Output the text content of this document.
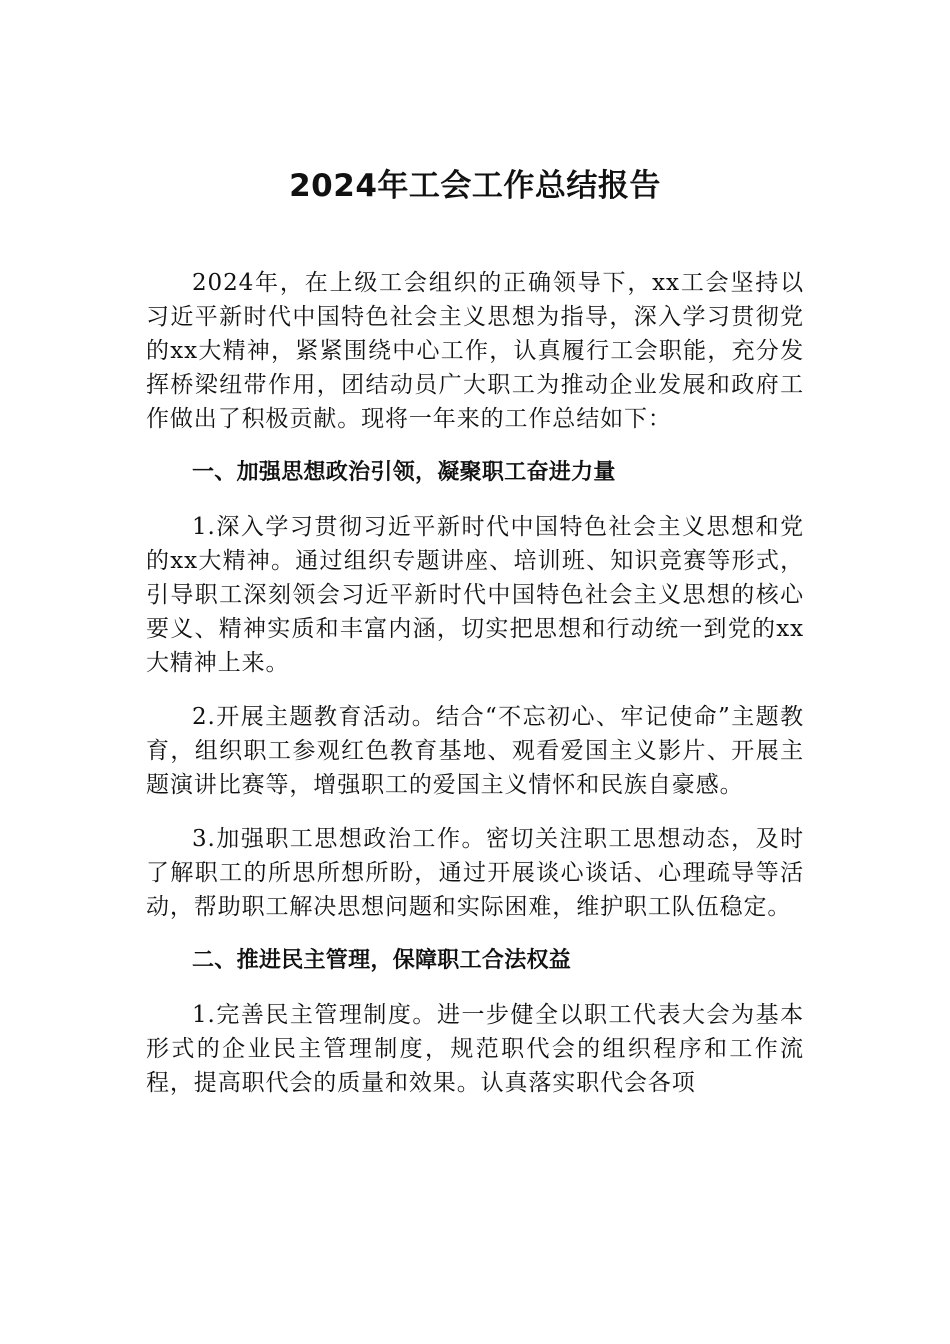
2024年工会工作总结报告

2024年，在上级工会组织的正确领导下，xx工会坚持以习近平新时代中国特色社会主义思想为指导，深入学习贯彻党的xx大精神，紧紧围绕中心工作，认真履行工会职能，充分发挥桥梁纽带作用，团结动员广大职工为推动企业发展和政府工作做出了积极贡献。现将一年来的工作总结如下：

一、加强思想政治引领，凝聚职工奋进力量

1.深入学习贯彻习近平新时代中国特色社会主义思想和党的xx大精神。通过组织专题讲座、培训班、知识竞赛等形式，引导职工深刻领会习近平新时代中国特色社会主义思想的核心要义、精神实质和丰富内涵，切实把思想和行动统一到党的xx大精神上来。

2.开展主题教育活动。结合“不忘初心、牢记使命”主题教育，组织职工参观红色教育基地、观看爱国主义影片、开展主题演讲比赛等，增强职工的爱国主义情怀和民族自豪感。

3.加强职工思想政治工作。密切关注职工思想动态，及时了解职工的所思所想所盼，通过开展谈心谈话、心理疏导等活动，帮助职工解决思想问题和实际困难，维护职工队伍稳定。

二、推进民主管理，保障职工合法权益

1.完善民主管理制度。进一步健全以职工代表大会为基本形式的企业民主管理制度，规范职代会的组织程序和工作流程，提高职代会的质量和效果。认真落实职代会各项
